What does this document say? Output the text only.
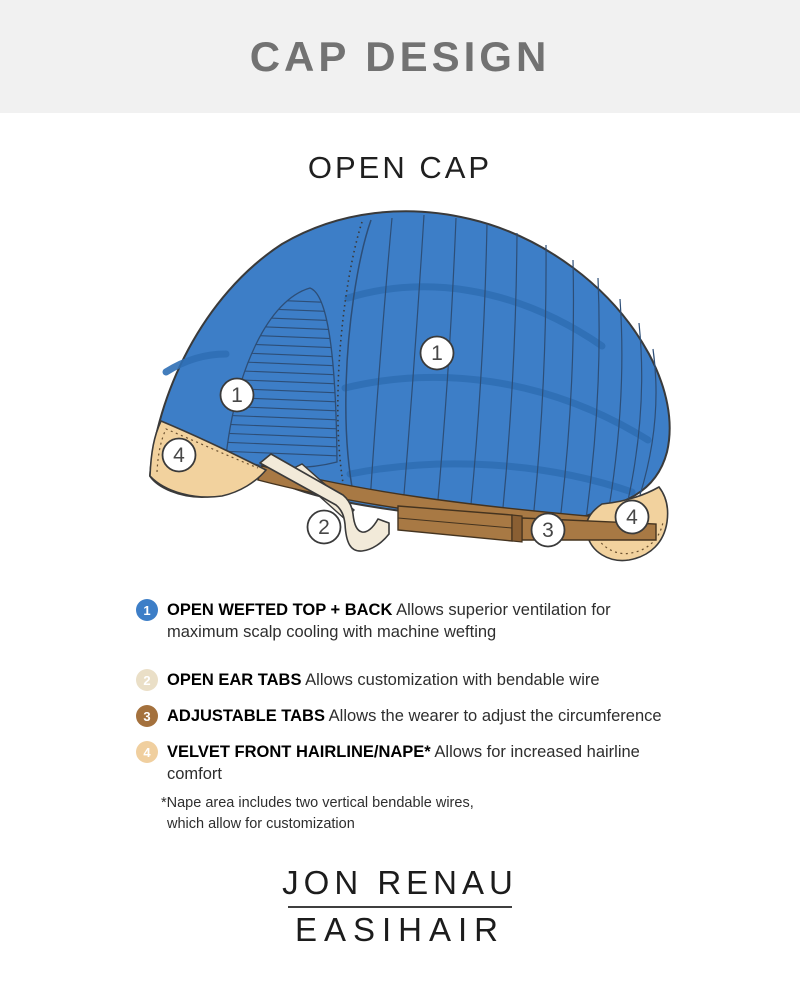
CAP DESIGN
OPEN CAP
1
1
2	3
4
4
1 OPEN WEFTED TOP + BACK Allows superior ventilation for maximum scalp cooling with machine wefting

2 OPEN EAR TABS Allows customization with bendable wire

3 ADJUSTABLE TABS Allows the wearer to adjust the circumference

4 VELVET FRONT HAIRLINE/NAPE* Allows for increased hairline comfort

*Nape area includes two vertical bendable wires,
which allow for customization
JON RENAU
EASIHAIR
